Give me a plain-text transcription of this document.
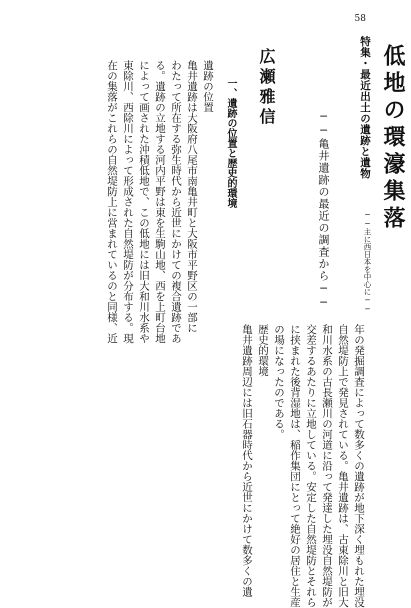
58
特集・最近出土の遺跡と遺物
──主に西日本を中心に──
低地の環濠集落
──亀井遺跡の最近の調査から──
広瀬雅信
一、遺跡の位置と歴史的環境
遺跡の位置
亀井遺跡は大阪府八尾市南亀井町と大阪市平野区の一部に
わたって所在する弥生時代から近世にかけての複合遺跡であ
る。遺跡の立地する河内平野は東を生駒山地、西を上町台地
によって画された沖積低地で、この低地には旧大和川水系や
東除川、西除川によって形成された自然堤防が分布する。現
在の集落がこれらの自然堤防上に営まれているのと同様、近
年の発掘調査によって数多くの遺跡が地下深く埋もれた埋没
自然堤防上で発見されている。亀井遺跡は、古東除川と旧大
和川水系の古長瀬川の河道に沿って発達した埋没自然堤防が
交差するあたりに立地している。安定した自然堤防とそれら
に挟まれた後背湿地は、稲作集団にとって絶好の居住と生産
の場になったのである。
歴史的環境
亀井遺跡周辺には旧石器時代から近世にかけて数多くの遺
